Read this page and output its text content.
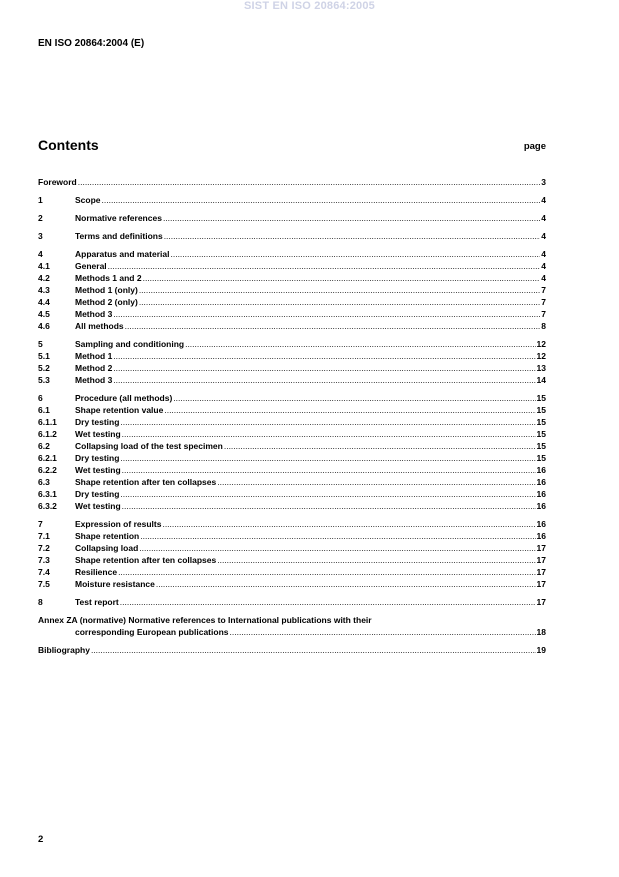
SIST EN ISO 20864:2005
EN ISO 20864:2004 (E)
Contents	page
Foreword .....	3
1	Scope .....	4
2	Normative references .....	4
3	Terms and definitions .....	4
4	Apparatus and material .....	4
4.1	General .....	4
4.2	Methods 1 and 2 .....	4
4.3	Method 1 (only) .....	7
4.4	Method 2 (only) .....	7
4.5	Method 3 .....	7
4.6	All methods .....	8
5	Sampling and conditioning .....	12
5.1	Method 1 .....	12
5.2	Method 2 .....	13
5.3	Method 3 .....	14
6	Procedure (all methods) .....	15
6.1	Shape retention value .....	15
6.1.1	Dry testing .....	15
6.1.2	Wet testing .....	15
6.2	Collapsing load of the test specimen .....	15
6.2.1	Dry testing .....	15
6.2.2	Wet testing .....	16
6.3	Shape retention after ten collapses .....	16
6.3.1	Dry testing .....	16
6.3.2	Wet testing .....	16
7	Expression of results .....	16
7.1	Shape retention .....	16
7.2	Collapsing load .....	17
7.3	Shape retention after ten collapses .....	17
7.4	Resilience .....	17
7.5	Moisture resistance .....	17
8	Test report .....	17
Annex ZA (normative) Normative references to International publications with their
corresponding European publications .....	18
Bibliography .....	19
2
